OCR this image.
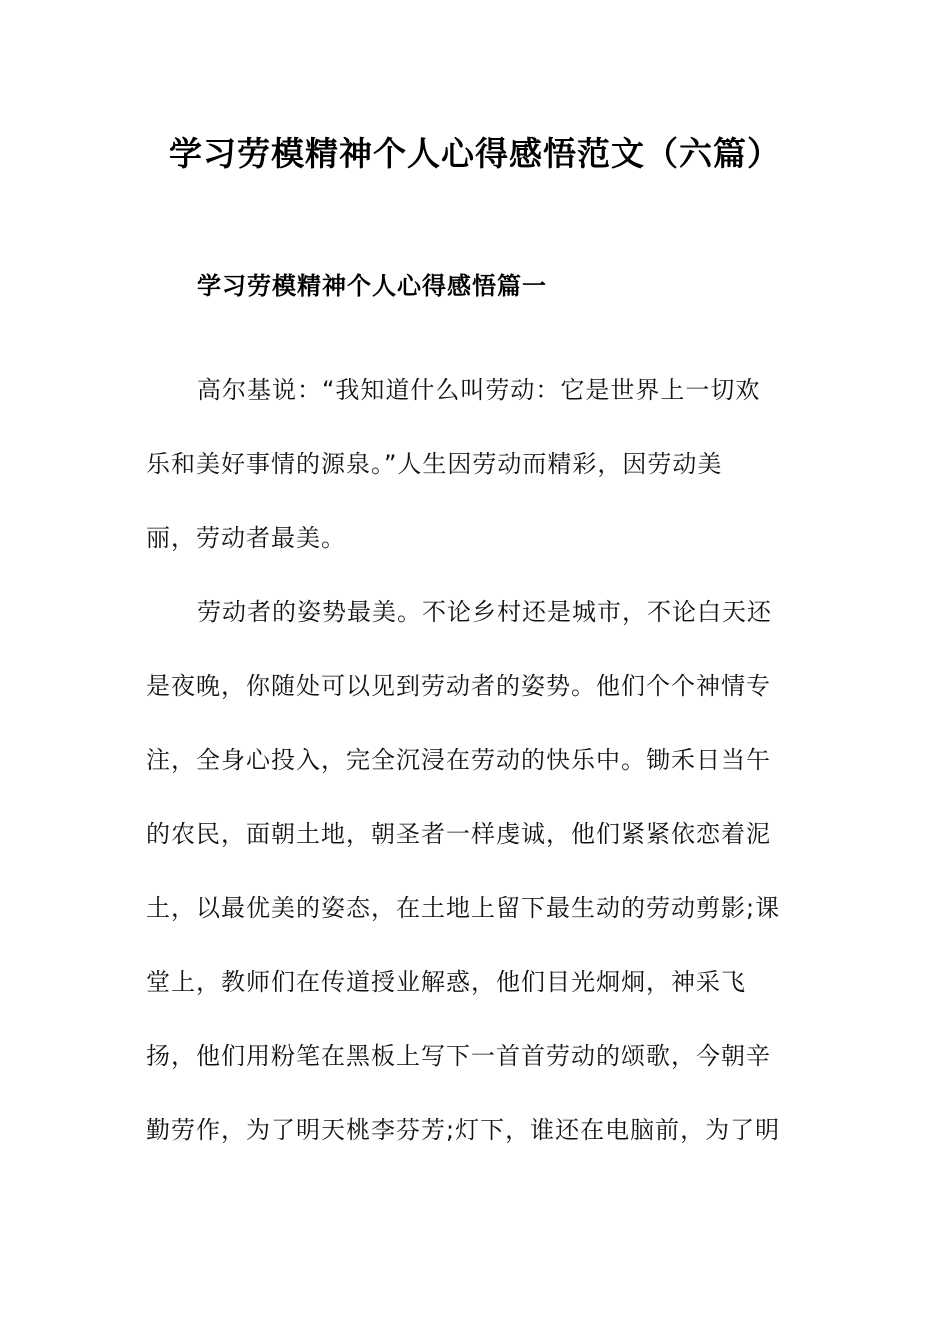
学习劳模精神个人心得感悟范文（六篇）
学习劳模精神个人心得感悟篇一
高尔基说：“我知道什么叫劳动：它是世界上一切欢
乐和美好事情的源泉。”人生因劳动而精彩，因劳动美
丽，劳动者最美。
劳动者的姿势最美。不论乡村还是城市，不论白天还
是夜晚，你随处可以见到劳动者的姿势。他们个个神情专
注，全身心投入，完全沉浸在劳动的快乐中。锄禾日当午
的农民，面朝土地，朝圣者一样虔诚，他们紧紧依恋着泥
土，以最优美的姿态，在土地上留下最生动的劳动剪影;课
堂上，教师们在传道授业解惑，他们目光炯炯，神采飞
扬，他们用粉笔在黑板上写下一首首劳动的颂歌，今朝辛
勤劳作，为了明天桃李芬芳;灯下，谁还在电脑前，为了明
